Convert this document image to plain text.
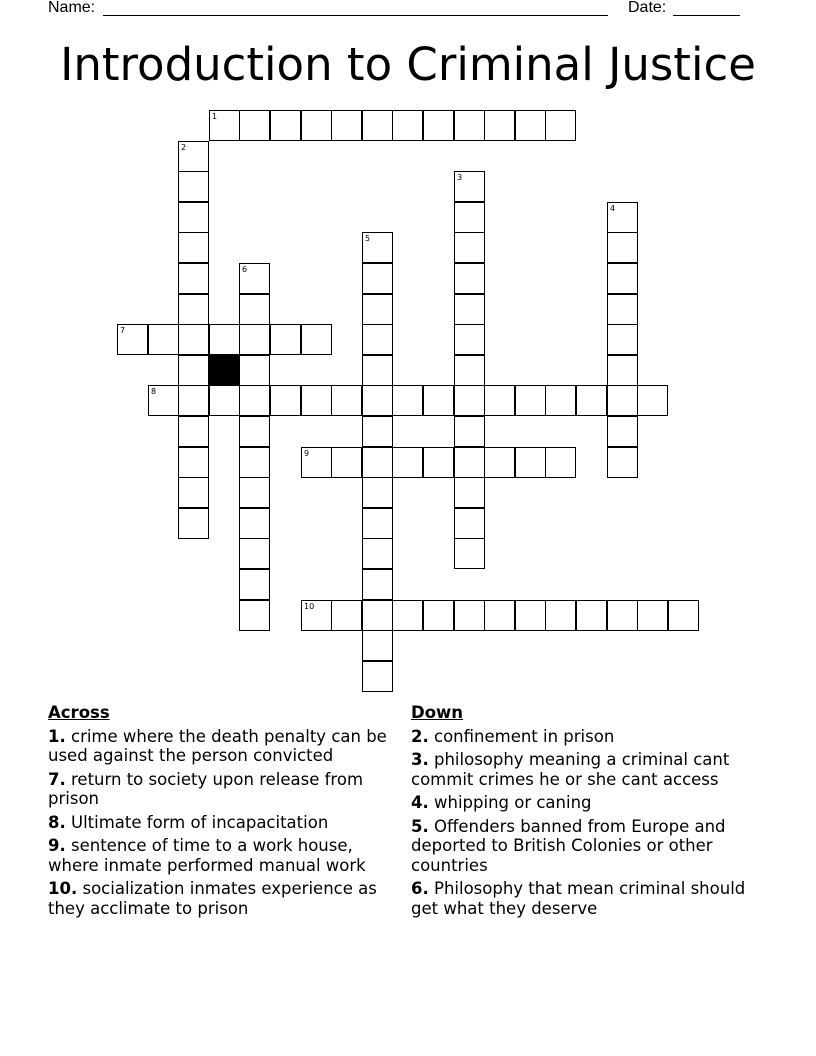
Name:	Date:
Introduction to Criminal Justice
1
2
3
4
5
6
7
8
9
10
Across
1. crime where the death penalty can be used against the person convicted
7. return to society upon release from prison
8. Ultimate form of incapacitation
9. sentence of time to a work house, where inmate performed manual work
10. socialization inmates experience as they acclimate to prison
Down
2. confinement in prison
3. philosophy meaning a criminal cant commit crimes he or she cant access
4. whipping or caning
5. Offenders banned from Europe and deported to British Colonies or other countries
6. Philosophy that mean criminal should get what they deserve
